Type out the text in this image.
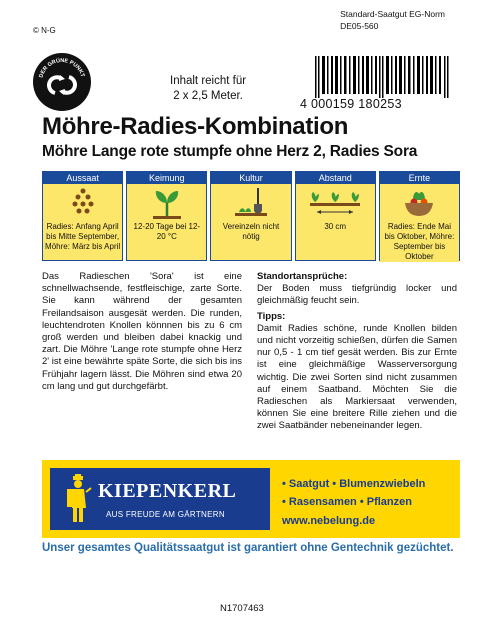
© N-G
Standard-Saatgut EG-Norm
DE05-560
DER GRÜNE PUNKT	Inhalt reicht für
2 x 2,5 Meter.
4 000159 180253
Möhre-Radies-Kombination
Möhre Lange rote stumpfe ohne Herz 2, Radies Sora
Aussaat
Radies: Anfang April bis Mitte September, Möhre: März bis April
Keimung
12-20 Tage bei 12-20 °C
Kultur
Vereinzeln nicht nötig
Abstand
30 cm
Ernte
Radies: Ende Mai bis Oktober, Möhre: September bis Oktober
Das Radieschen 'Sora' ist eine schnellwachsende, festfleischige, zarte Sorte. Sie kann während der gesamten Freilandsaison ausgesät werden. Die runden, leuchtendroten Knollen könnnen bis zu 6 cm groß werden und bleiben dabei knackig und zart. Die Möhre 'Lange rote stumpfe ohne Herz 2' ist eine bewährte späte Sorte, die sich bis ins Frühjahr lagern lässt. Die Möhren sind etwa 20 cm lang und gut durchgefärbt.
Standortansprüche:
Der Boden muss tiefgründig locker und gleichmäßig feucht sein.
Tipps:
Damit Radies schöne, runde Knollen bilden und nicht vorzeitig schießen, dürfen die Samen nur 0,5 - 1 cm tief gesät werden. Bis zur Ernte ist eine gleichmäßige Wasserversorgung wichtig. Die zwei Sorten sind nicht zusammen auf einem Saatband. Möchten Sie die Radieschen als Markiersaat verwenden, können Sie eine breitere Rille ziehen und die zwei Saatbänder nebeneinander legen.
KIEPENKERL
AUS FREUDE AM GÄRTNERN
• Saatgut • Blumenzwiebeln
• Rasensamen • Pflanzen
www.nebelung.de
Unser gesamtes Qualitätssaatgut ist garantiert ohne Gentechnik gezüchtet.
N1707463
